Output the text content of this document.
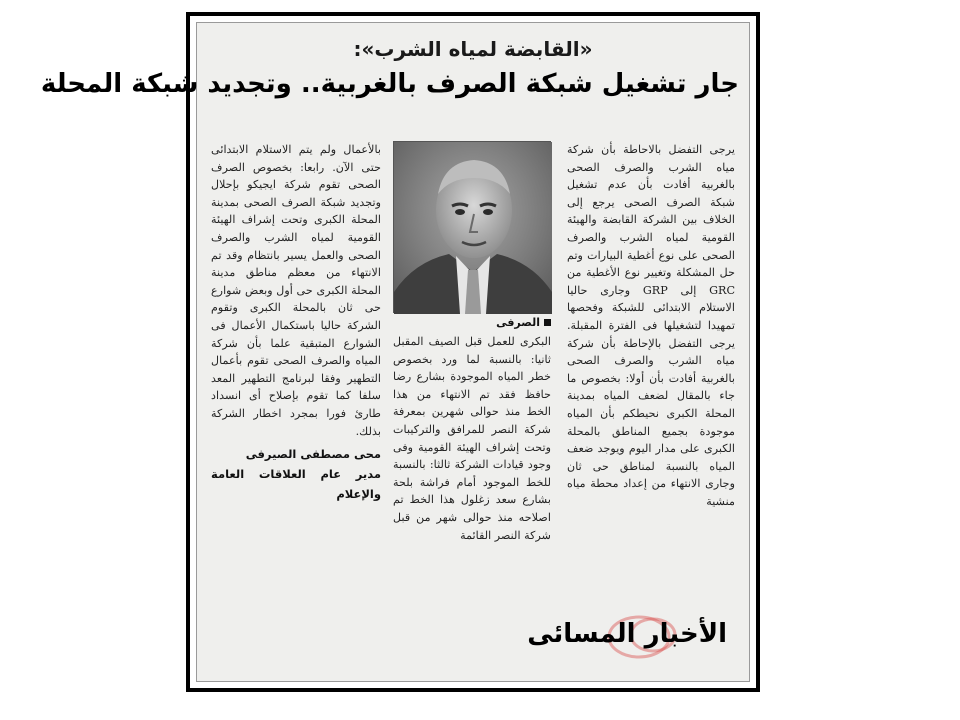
«القابضة لمياه الشرب»:
جار تشغيل شبكة الصرف بالغربية.. وتجديد شبكة المحلة

يرجى التفضل بالاحاطة بأن شركة مياه الشرب والصرف الصحى بالغربية أفادت بأن عدم تشغيل شبكة الصرف الصحى يرجع إلى الخلاف بين الشركة القابضة والهيئة القومية لمياه الشرب والصرف الصحى على نوع أغطية البيارات وتم حل المشكلة وتغيير نوع الأغطية من GRC إلى GRP وجارى حاليا الاستلام الابتدائى للشبكة وفحصها تمهيدا لتشغيلها فى الفترة المقبلة. يرجى التفضل بالإحاطة بأن شركة مياه الشرب والصرف الصحى بالغربية أفادت بأن أولا: بخصوص ما جاء بالمقال لضعف المياه بمدينة المحلة الكبرى نحيطكم بأن المياه موجودة بجميع المناطق بالمحلة الكبرى على مدار اليوم ويوجد ضعف المياه بالنسبة لمناطق حى ثان وجارى الانتهاء من إعداد محطة مياه منشية

الصرفى

البكرى للعمل قبل الصيف المقبل ثانيا: بالنسبة لما ورد بخصوص خطر المياه الموجودة بشارع رضا حافظ فقد تم الانتهاء من هذا الخط منذ حوالى شهرين بمعرفة شركة النصر للمرافق والتركيبات وتحت إشراف الهيئة القومية وفى وجود قيادات الشركة ثالثا: بالنسبة للخط الموجود أمام فراشة بلحة بشارع سعد زغلول هذا الخط تم اصلاحه منذ حوالى شهر من قبل شركة النصر القائمة

بالأعمال ولم يتم الاستلام الابتدائى حتى الآن. رابعا: بخصوص الصرف الصحى تقوم شركة ايجيكو بإحلال وتجديد شبكة الصرف الصحى بمدينة المحلة الكبرى وتحت إشراف الهيئة القومية لمياه الشرب والصرف الصحى والعمل يسير بانتظام وقد تم الانتهاء من معظم مناطق مدينة المحلة الكبرى حى أول وبعض شوارع حى ثان بالمحلة الكبرى وتقوم الشركة حاليا باستكمال الأعمال فى الشوارع المتبقية علما بأن شركة المياه والصرف الصحى تقوم بأعمال التطهير وفقا لبرنامج التطهير المعد سلفا كما تقوم بإصلاح أى انسداد طارئ فورا بمجرد اخطار الشركة بذلك.

محى مصطفى الصيرفى
مدير عام العلاقات العامة والإعلام
الأخبار المسائى
